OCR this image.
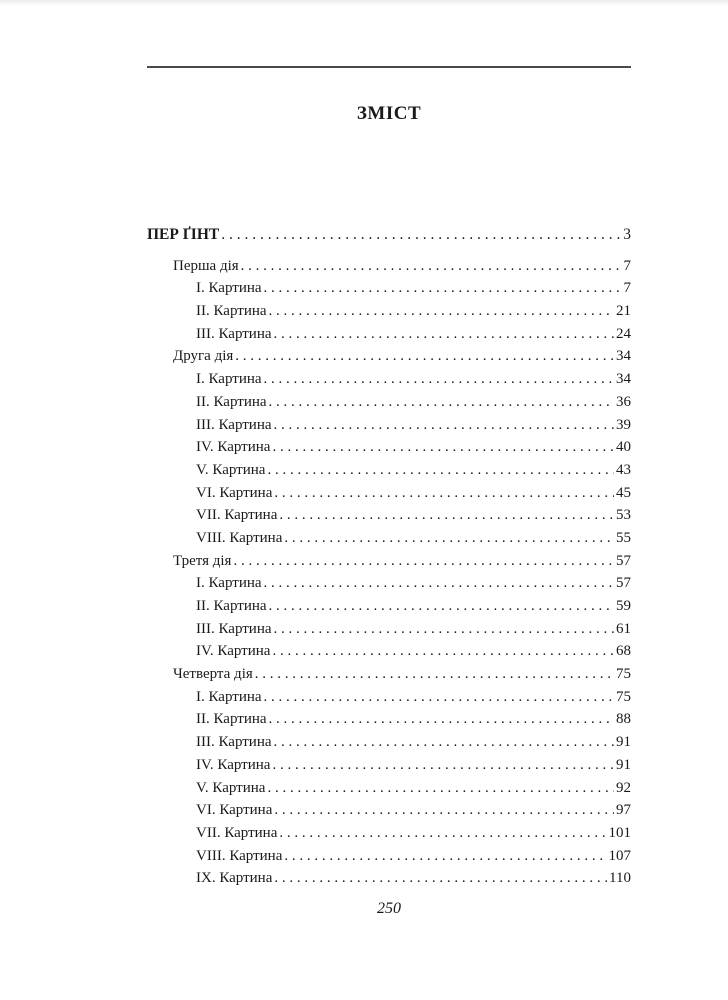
ЗМІСТ
ПЕР ҐІНТ . . .	3
Перша дія . . .	7
I. Картина . . .	7
II. Картина . . .	21
III. Картина . . .	24
Друга дія . . .	34
I. Картина . . .	34
II. Картина . . .	36
III. Картина . . .	39
IV. Картина . . .	40
V. Картина . . .	43
VI. Картина . . .	45
VII. Картина . . .	53
VIII. Картина . . .	55
Третя дія . . .	57
I. Картина . . .	57
II. Картина . . .	59
III. Картина . . .	61
IV. Картина . . .	68
Четверта дія . . .	75
I. Картина . . .	75
II. Картина . . .	88
III. Картина . . .	91
IV. Картина . . .	91
V. Картина . . .	92
VI. Картина . . .	97
VII. Картина . . .	101
VIII. Картина . . .	107
IX. Картина . . .	110
250
